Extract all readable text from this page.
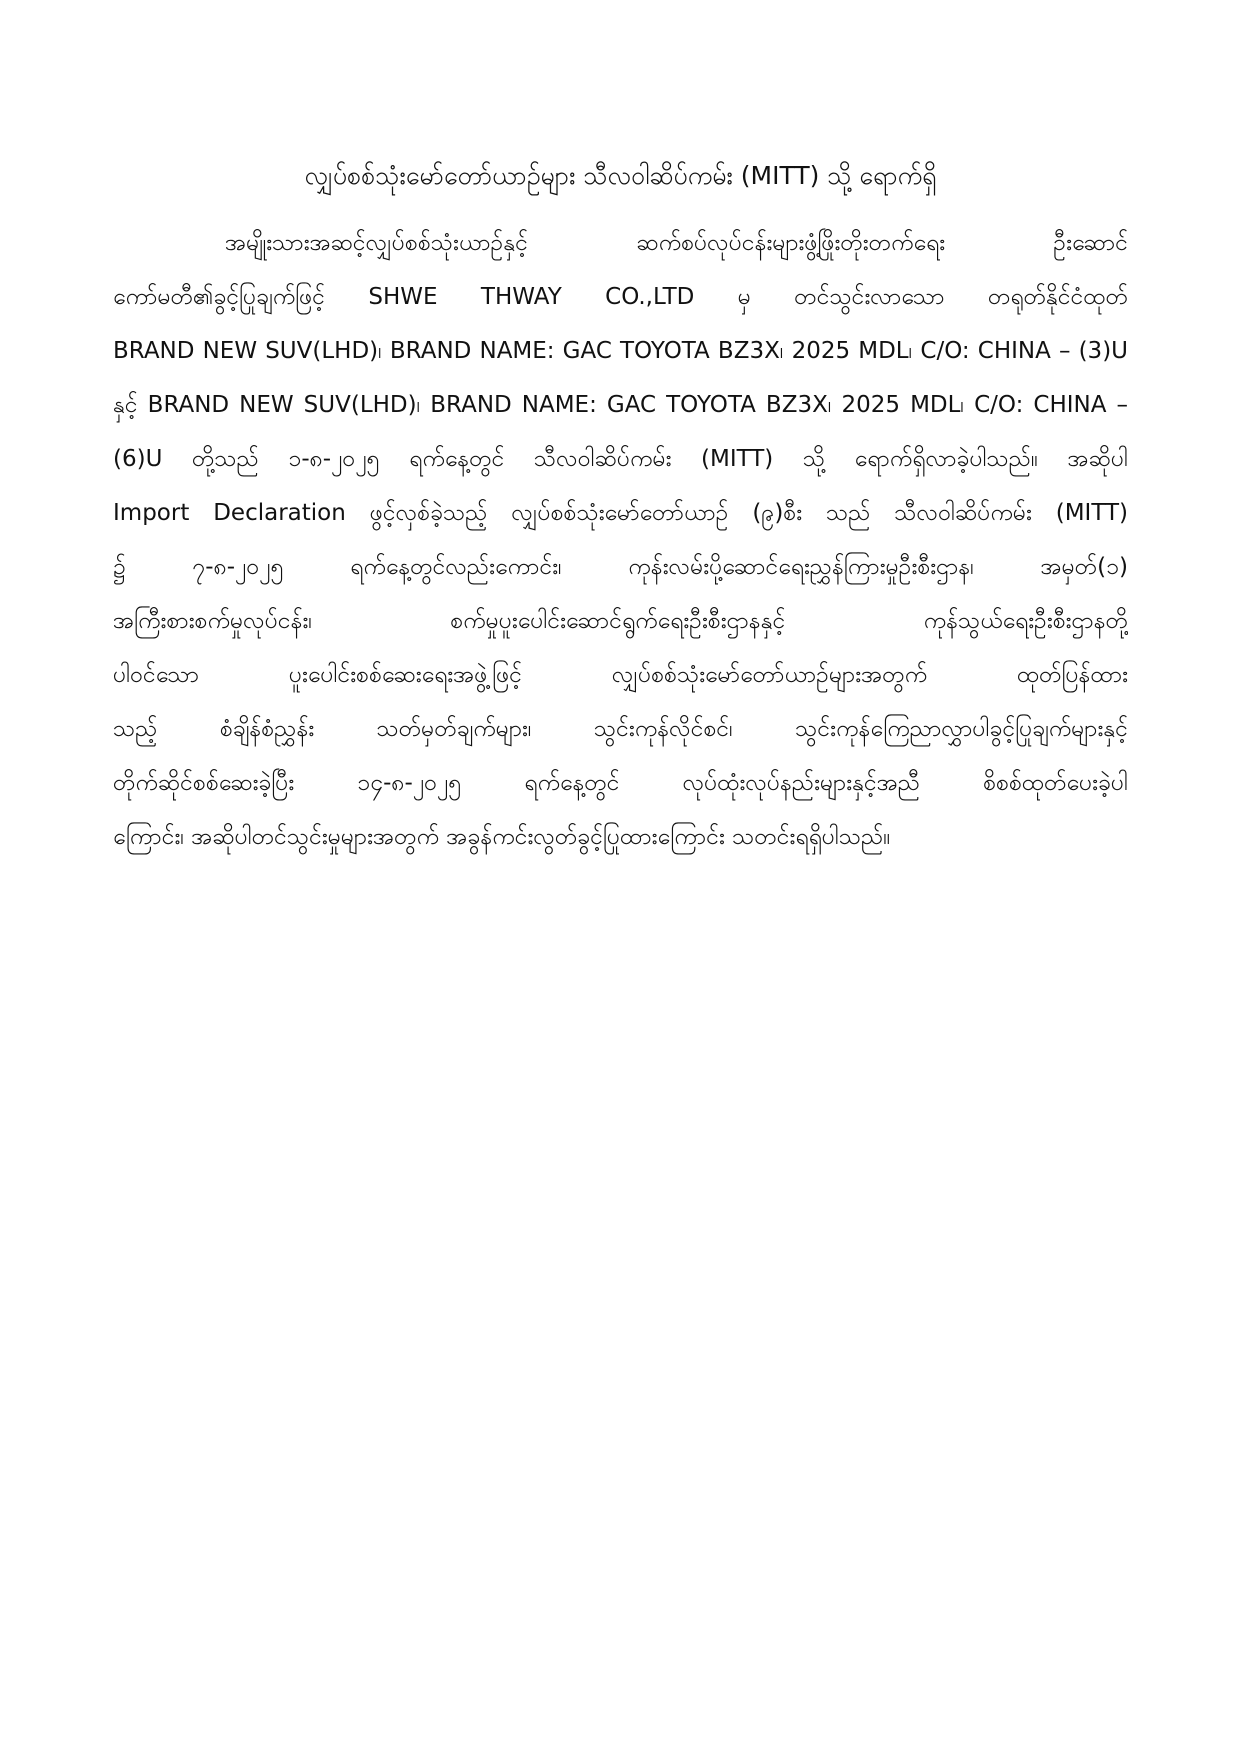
လျှပ်စစ်သုံးမော်တော်ယာဉ်များ သီလဝါဆိပ်ကမ်း (MITT) သို့ ရောက်ရှိ
အမျိုးသားအဆင့်လျှပ်စစ်သုံးယာဉ်နှင့် ဆက်စပ်လုပ်ငန်းများဖွံ့ဖြိုးတိုးတက်ရေး ဦးဆောင်
ကော်မတီ၏ခွင့်ပြုချက်ဖြင့် SHWE THWAY CO.,LTD မှ တင်သွင်းလာသော တရုတ်နိုင်ငံထုတ်
BRAND NEW SUV(LHD)၊ BRAND NAME: GAC TOYOTA BZ3X၊ 2025 MDL၊ C/O: CHINA – (3)U
နှင့် BRAND NEW SUV(LHD)၊ BRAND NAME: GAC TOYOTA BZ3X၊ 2025 MDL၊ C/O: CHINA –
(6)U တို့သည် ၁-၈-၂၀၂၅ ရက်နေ့တွင် သီလဝါဆိပ်ကမ်း (MITT) သို့ ရောက်ရှိလာခဲ့ပါသည်။ အဆိုပါ
Import Declaration ဖွင့်လှစ်ခဲ့သည့် လျှပ်စစ်သုံးမော်တော်ယာဉ် (၉)စီး သည် သီလဝါဆိပ်ကမ်း (MITT)
၌ ၇-၈-၂၀၂၅ ရက်နေ့တွင်လည်းကောင်း၊ ကုန်းလမ်းပို့ဆောင်ရေးညွှန်ကြားမှုဦးစီးဌာန၊ အမှတ်(၁)
အကြီးစားစက်မှုလုပ်ငန်း၊ စက်မှုပူးပေါင်းဆောင်ရွက်ရေးဦးစီးဌာနနှင့် ကုန်သွယ်ရေးဦးစီးဌာနတို့
ပါဝင်သော ပူးပေါင်းစစ်ဆေးရေးအဖွဲ့ဖြင့် လျှပ်စစ်သုံးမော်တော်ယာဉ်များအတွက် ထုတ်ပြန်ထား
သည့် စံချိန်စံညွှန်း သတ်မှတ်ချက်များ၊ သွင်းကုန်လိုင်စင်၊ သွင်းကုန်ကြေညာလွှာပါခွင့်ပြုချက်များနှင့်
တိုက်ဆိုင်စစ်ဆေးခဲ့ပြီး ၁၄-၈-၂၀၂၅ ရက်နေ့တွင် လုပ်ထုံးလုပ်နည်းများနှင့်အညီ စိစစ်ထုတ်ပေးခဲ့ပါ
ကြောင်း၊ အဆိုပါတင်သွင်းမှုများအတွက် အခွန်ကင်းလွတ်ခွင့်ပြုထားကြောင်း သတင်းရရှိပါသည်။
